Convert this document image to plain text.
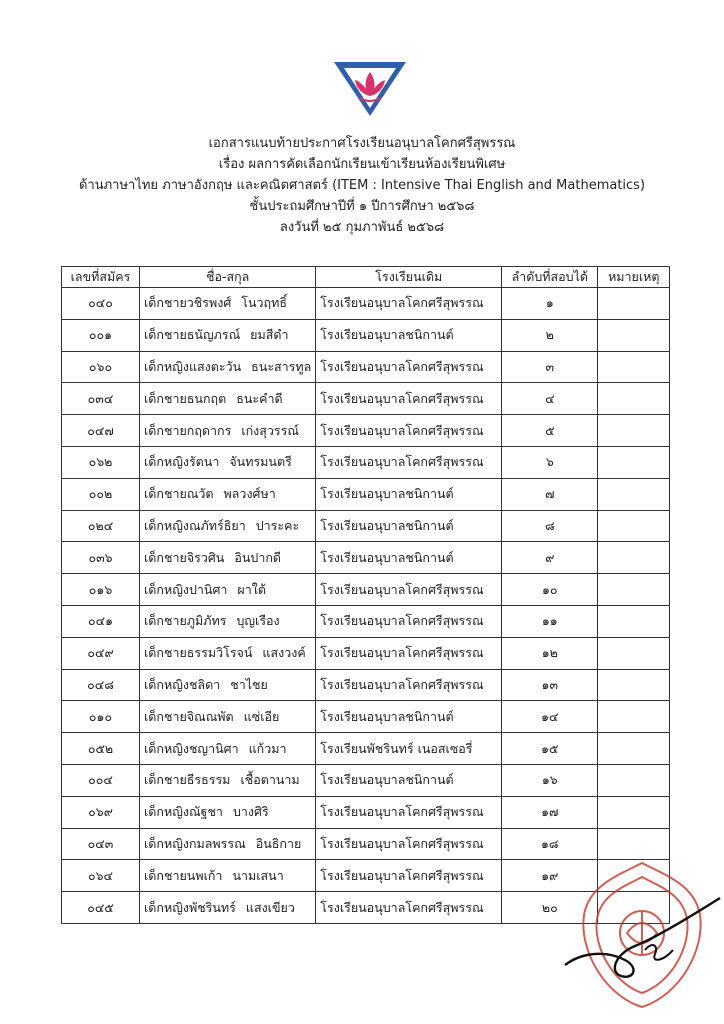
เอกสารแนบท้ายประกาศโรงเรียนอนุบาลโคกศรีสุพรรณ
เรื่อง ผลการคัดเลือกนักเรียนเข้าเรียนห้องเรียนพิเศษ
ด้านภาษาไทย ภาษาอังกฤษ และคณิตศาสตร์ (ITEM : Intensive Thai English and Mathematics)
ชั้นประถมศึกษาปีที่ ๑ ปีการศึกษา ๒๕๖๘
ลงวันที่ ๒๕ กุมภาพันธ์ ๒๕๖๘
เลขที่สมัคร	ชื่อ-สกุล	โรงเรียนเดิม	ลำดับที่สอบได้	หมายเหตุ
๐๔๐	เด็กชายวชิรพงศ์ โนวฤทธิ์	โรงเรียนอนุบาลโคกศรีสุพรรณ	๑	
๐๐๑	เด็กชายธนัญภรณ์ ยมสีดำ	โรงเรียนอนุบาลชนิกานต์	๒	
๐๖๐	เด็กหญิงแสงตะวัน ธนะสารทูล	โรงเรียนอนุบาลโคกศรีสุพรรณ	๓	
๐๓๔	เด็กชายธนกฤต ธนะคำดี	โรงเรียนอนุบาลโคกศรีสุพรรณ	๔	
๐๔๗	เด็กชายกฤดากร เก่งสุวรรณ์	โรงเรียนอนุบาลโคกศรีสุพรรณ	๕	
๐๖๒	เด็กหญิงรัตนา จันทรมนตรี	โรงเรียนอนุบาลโคกศรีสุพรรณ	๖	
๐๐๒	เด็กชายณวัต พลวงศ์ษา	โรงเรียนอนุบาลชนิกานต์	๗	
๐๒๔	เด็กหญิงณภัทร์ธิยา ปาระคะ	โรงเรียนอนุบาลชนิกานต์	๘	
๐๓๖	เด็กชายจิรวศิน อินปากดี	โรงเรียนอนุบาลชนิกานต์	๙	
๐๑๖	เด็กหญิงปานิศา ผาใต้	โรงเรียนอนุบาลโคกศรีสุพรรณ	๑๐	
๐๔๑	เด็กชายภูมิภัทร บุญเรือง	โรงเรียนอนุบาลโคกศรีสุพรรณ	๑๑	
๐๔๙	เด็กชายธรรมวิโรจน์ แสงวงค์	โรงเรียนอนุบาลโคกศรีสุพรรณ	๑๒	
๐๔๘	เด็กหญิงชลิดา ชาไชย	โรงเรียนอนุบาลโคกศรีสุพรรณ	๑๓	
๐๑๐	เด็กชายจิณณพัต แซ่เอีย	โรงเรียนอนุบาลชนิกานต์	๑๔	
๐๕๒	เด็กหญิงชญานิศา แก้วมา	โรงเรียนพัชรินทร์ เนอสเซอรี่	๑๕	
๐๐๔	เด็กชายธีรธรรม เชื้อตานาม	โรงเรียนอนุบาลชนิกานต์	๑๖	
๐๖๙	เด็กหญิงณัฐชา บางศิริ	โรงเรียนอนุบาลโคกศรีสุพรรณ	๑๗	
๐๔๓	เด็กหญิงกมลพรรณ อินธิกาย	โรงเรียนอนุบาลโคกศรีสุพรรณ	๑๘	
๐๖๔	เด็กชายนพเก้า นามเสนา	โรงเรียนอนุบาลโคกศรีสุพรรณ	๑๙	
๐๔๕	เด็กหญิงพัชรินทร์ แสงเขียว	โรงเรียนอนุบาลโคกศรีสุพรรณ	๒๐	
